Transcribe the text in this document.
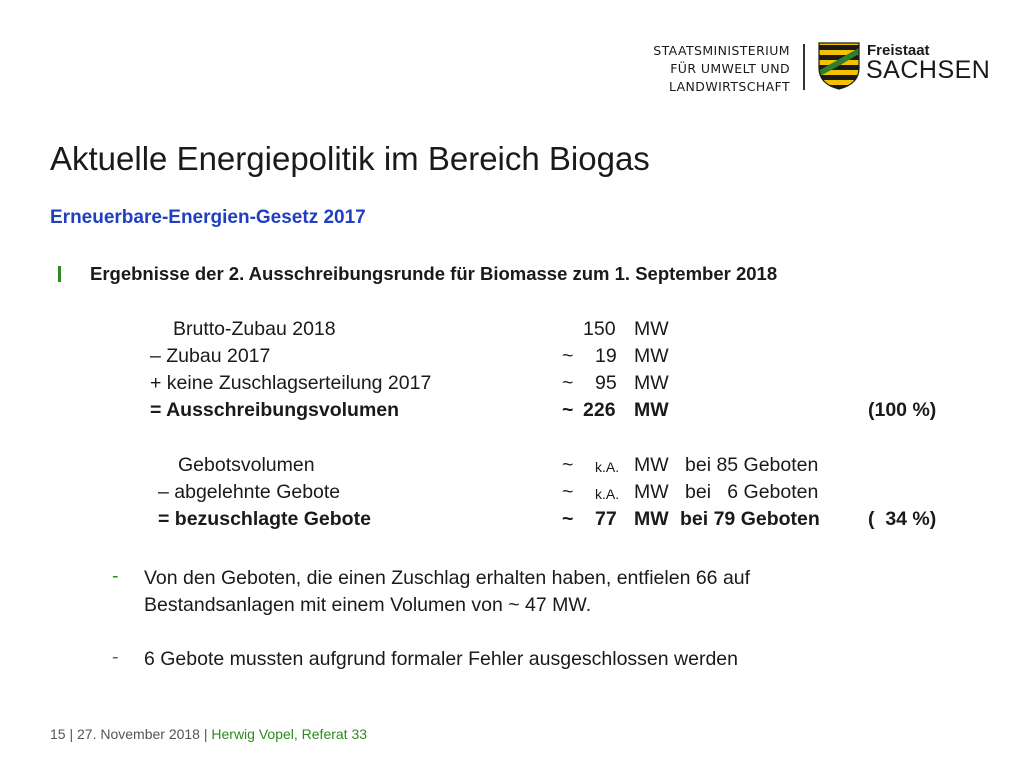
STAATSMINISTERIUM
FÜR UMWELT UND
LANDWIRTSCHAFT
Freistaat
SACHSEN
Aktuelle Energiepolitik im Bereich Biogas
Erneuerbare-Energien-Gesetz 2017
Ergebnisse der 2. Ausschreibungsrunde für Biomasse zum 1. September 2018
Brutto-Zubau 2018	150 MW
– Zubau 2017	~ 19 MW
+ keine Zuschlagserteilung 2017	~ 95 MW
= Ausschreibungsvolumen	~ 226 MW	(100 %)
Gebotsvolumen	~ k.A. MW bei 85 Geboten
– abgelehnte Gebote	~ k.A. MW bei   6 Geboten
= bezuschlagte Gebote	~ 77 MW bei 79 Geboten (  34 %)
- Von den Geboten, die einen Zuschlag erhalten haben, entfielen 66 auf
Bestandsanlagen mit einem Volumen von ~ 47 MW.
- 6 Gebote mussten aufgrund formaler Fehler ausgeschlossen werden
15 | 27. November 2018 | Herwig Vopel, Referat 33
